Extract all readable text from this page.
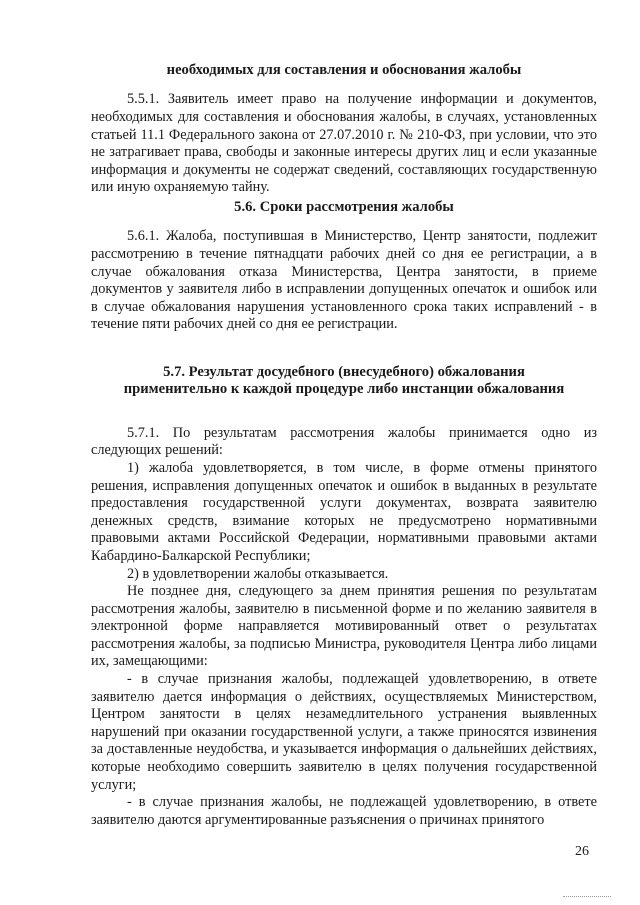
необходимых для составления и обоснования жалобы

5.5.1. Заявитель имеет право на получение информации и документов, необходимых для составления и обоснования жалобы, в случаях, установленных статьей 11.1 Федерального закона от 27.07.2010 г. № 210-ФЗ, при условии, что это не затрагивает права, свободы и законные интересы других лиц и если указанные информация и документы не содержат сведений, составляющих государственную или иную охраняемую тайну.

5.6. Сроки рассмотрения жалобы

5.6.1. Жалоба, поступившая в Министерство, Центр занятости, подлежит рассмотрению в течение пятнадцати рабочих дней со дня ее регистрации, а в случае обжалования отказа Министерства, Центра занятости, в приеме документов у заявителя либо в исправлении допущенных опечаток и ошибок или в случае обжалования нарушения установленного срока таких исправлений - в течение пяти рабочих дней со дня ее регистрации.

5.7. Результат досудебного (внесудебного) обжалования

применительно к каждой процедуре либо инстанции обжалования

5.7.1. По результатам рассмотрения жалобы принимается одно из следующих решений:

1) жалоба удовлетворяется, в том числе, в форме отмены принятого решения, исправления допущенных опечаток и ошибок в выданных в результате предоставления государственной услуги документах, возврата заявителю денежных средств, взимание которых не предусмотрено нормативными правовыми актами Российской Федерации, нормативными правовыми актами Кабардино-Балкарской Республики;

2) в удовлетворении жалобы отказывается.

Не позднее дня, следующего за днем принятия решения по результатам рассмотрения жалобы, заявителю в письменной форме и по желанию заявителя в электронной форме направляется мотивированный ответ о результатах рассмотрения жалобы, за подписью Министра, руководителя Центра либо лицами их, замещающими:

- в случае признания жалобы, подлежащей удовлетворению, в ответе заявителю дается информация о действиях, осуществляемых Министерством, Центром занятости в целях незамедлительного устранения выявленных нарушений при оказании государственной услуги, а также приносятся извинения за доставленные неудобства, и указывается информация о дальнейших действиях, которые необходимо совершить заявителю в целях получения государственной услуги;

- в случае признания жалобы, не подлежащей удовлетворению, в ответе заявителю даются аргументированные разъяснения о причинах принятого

26
